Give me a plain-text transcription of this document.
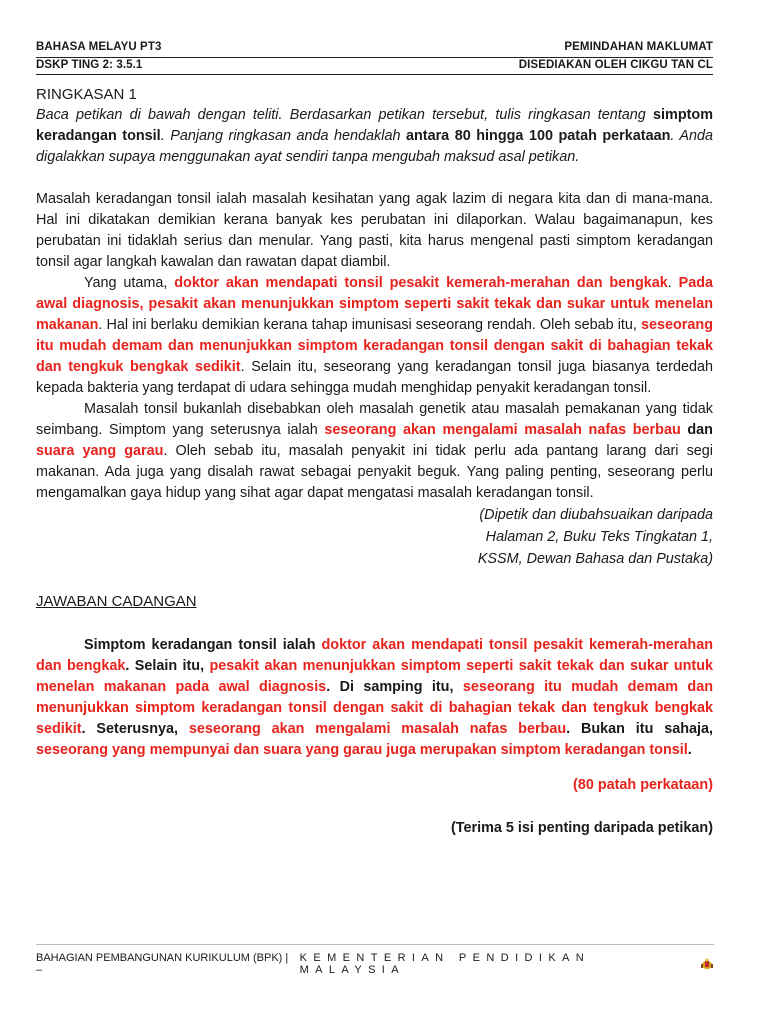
BAHASA MELAYU PT3	PEMINDAHAN MAKLUMAT
DSKP TING 2: 3.5.1	DISEDIAKAN OLEH CIKGU TAN CL
RINGKASAN 1

Baca petikan di bawah dengan teliti. Berdasarkan petikan tersebut, tulis ringkasan tentang simptom keradangan tonsil. Panjang ringkasan anda hendaklah antara 80 hingga 100 patah perkataan. Anda digalakkan supaya menggunakan ayat sendiri tanpa mengubah maksud asal petikan.

Masalah keradangan tonsil ialah masalah kesihatan yang agak lazim di negara kita dan di mana-mana. Hal ini dikatakan demikian kerana banyak kes perubatan ini dilaporkan. Walau bagaimanapun, kes perubatan ini tidaklah serius dan menular. Yang pasti, kita harus mengenal pasti simptom keradangan tonsil agar langkah kawalan dan rawatan dapat diambil.

Yang utama, doktor akan mendapati tonsil pesakit kemerah-merahan dan bengkak. Pada awal diagnosis, pesakit akan menunjukkan simptom seperti sakit tekak dan sukar untuk menelan makanan. Hal ini berlaku demikian kerana tahap imunisasi seseorang rendah. Oleh sebab itu, seseorang itu mudah demam dan menunjukkan simptom keradangan tonsil dengan sakit di bahagian tekak dan tengkuk bengkak sedikit. Selain itu, seseorang yang keradangan tonsil juga biasanya terdedah kepada bakteria yang terdapat di udara sehingga mudah menghidap penyakit keradangan tonsil.

Masalah tonsil bukanlah disebabkan oleh masalah genetik atau masalah pemakanan yang tidak seimbang. Simptom yang seterusnya ialah seseorang akan mengalami masalah nafas berbau dan suara yang garau. Oleh sebab itu, masalah penyakit ini tidak perlu ada pantang larang dari segi makanan. Ada juga yang disalah rawat sebagai penyakit beguk. Yang paling penting, seseorang perlu mengamalkan gaya hidup yang sihat agar dapat mengatasi masalah keradangan tonsil.

(Dipetik dan diubahsuaikan daripada
Halaman 2, Buku Teks Tingkatan 1,
KSSM, Dewan Bahasa dan Pustaka)
JAWABAN CADANGAN

Simptom keradangan tonsil ialah doktor akan mendapati tonsil pesakit kemerah-merahan dan bengkak. Selain itu, pesakit akan menunjukkan simptom seperti sakit tekak dan sukar untuk menelan makanan pada awal diagnosis. Di samping itu, seseorang itu mudah demam dan menunjukkan simptom keradangan tonsil dengan sakit di bahagian tekak dan tengkuk bengkak sedikit. Seterusnya, seseorang akan mengalami masalah nafas berbau. Bukan itu sahaja, seseorang yang mempunyai dan suara yang garau juga merupakan simptom keradangan tonsil.

(80 patah perkataan)
(Terima 5 isi penting daripada petikan)
BAHAGIAN PEMBANGUNAN KURIKULUM (BPK) | –
KEMENTERIAN PENDIDIKAN MALAYSIA
